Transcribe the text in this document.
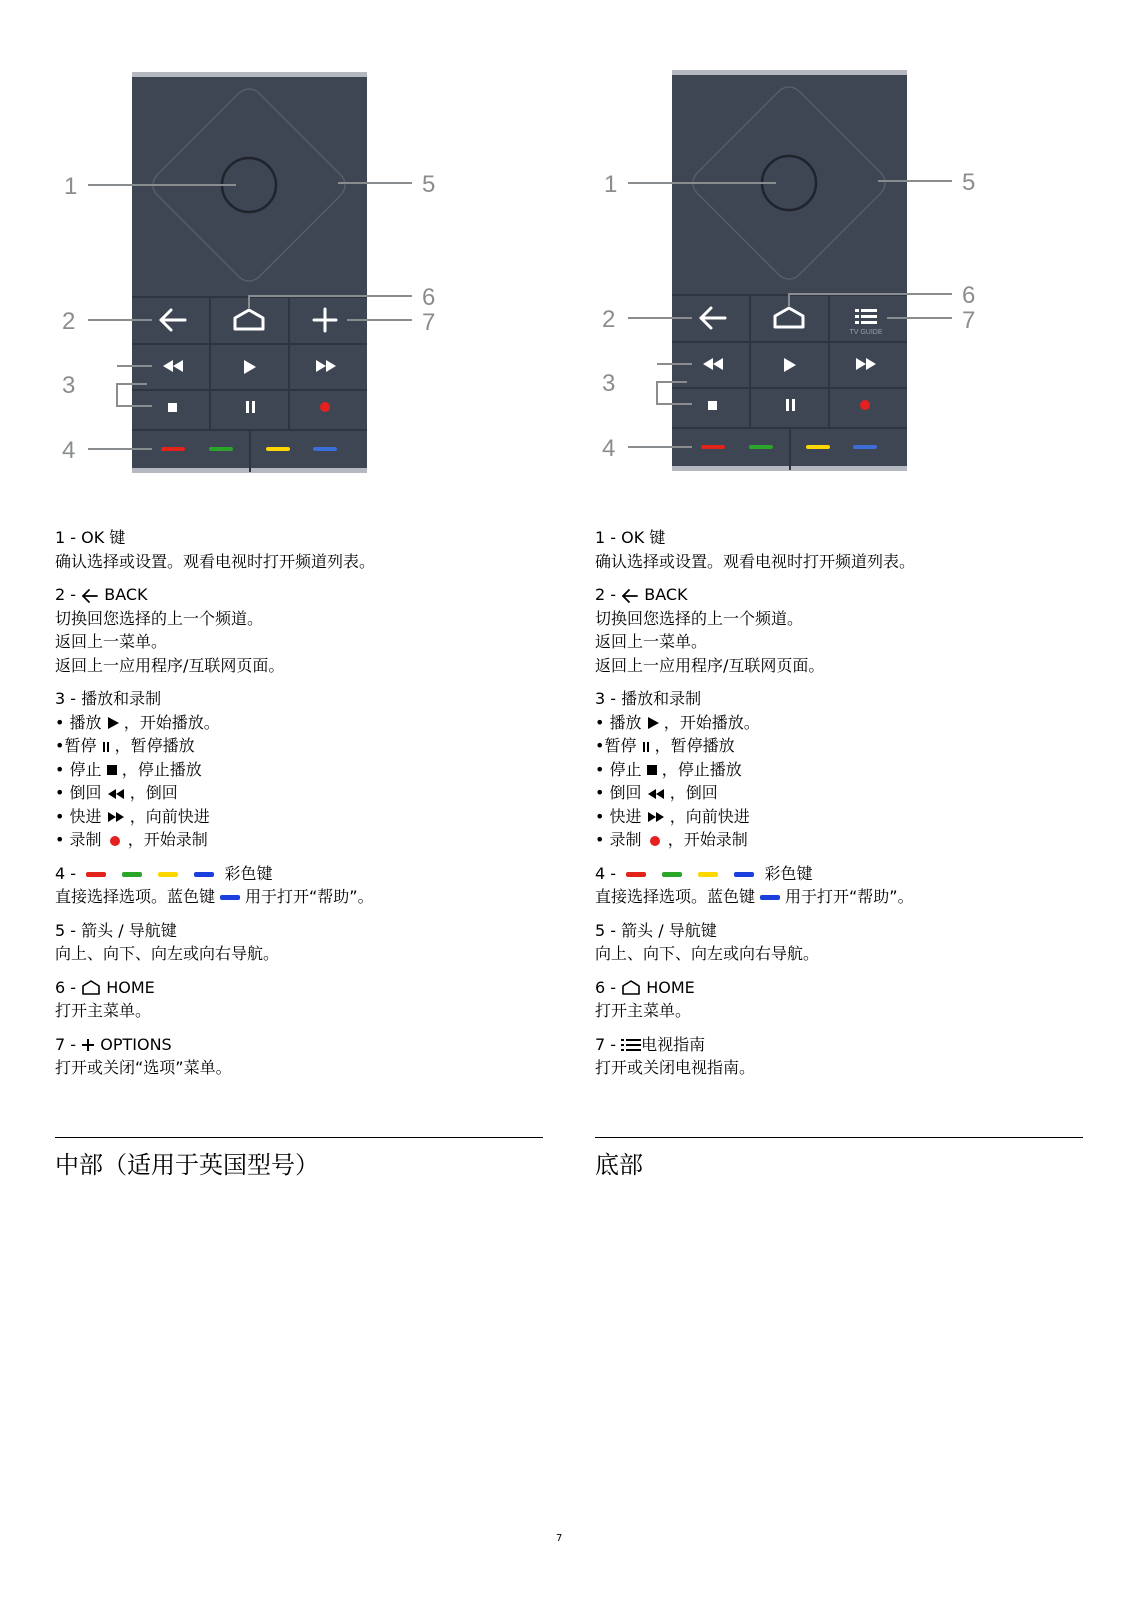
1
2
3
4
5
6
7
1 - OK 键
确认选择或设置。观看电视时打开频道列表。
2 - BACK
切换回您选择的上一个频道。
返回上一菜单。
返回上一应用程序/互联网页面。
3 - 播放和录制
• 播放 ，开始播放。
•暂停 ，暂停播放
• 停止 ，停止播放
• 倒回 ，倒回
• 快进 ，向前快进
• 录制 ，开始录制
4 -	彩色键
直接选择选项。蓝色键 用于打开“帮助”。
5 - 箭头 / 导航键
向上、向下、向左或向右导航。
6 - HOME
打开主菜单。
7 - OPTIONS
打开或关闭“选项”菜单。
TV GUIDE
1
2
3
4
5
6
7
1 - OK 键
确认选择或设置。观看电视时打开频道列表。
2 - BACK
切换回您选择的上一个频道。
返回上一菜单。
返回上一应用程序/互联网页面。
3 - 播放和录制
• 播放 ，开始播放。
•暂停 ，暂停播放
• 停止 ，停止播放
• 倒回 ，倒回
• 快进 ，向前快进
• 录制 ，开始录制
4 -	彩色键
直接选择选项。蓝色键 用于打开“帮助”。
5 - 箭头 / 导航键
向上、向下、向左或向右导航。
6 - HOME
打开主菜单。
7 - 电视指南
打开或关闭电视指南。
中部（适用于英国型号）	底部
7
